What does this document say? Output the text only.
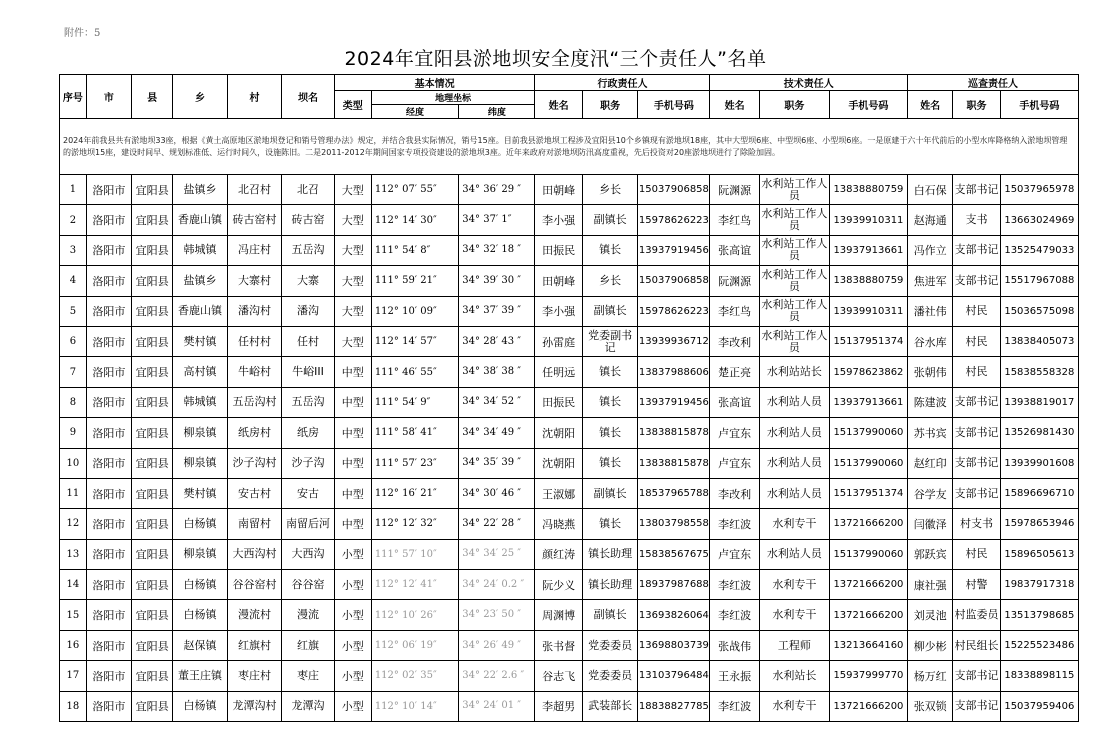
附件：5
2024年宜阳县淤地坝安全度汛“三个责任人”名单
序号	市	县	乡	村	坝名	基本情况			行政责任人			技术责任人			巡查责任人		
						类型	地理坐标		姓名	职务	手机号码	姓名	职务	手机号码	姓名	职务	手机号码
							经度	纬度									
2024年前我县共有淤地坝33座，根据《黄土高原地区淤地坝登记和销号管理办法》规定，并结合我县实际情况，销号15座。目前我县淤地坝工程涉及宜阳县10个乡镇现有淤地坝18座，其中大型坝6座、中型坝6座、小型坝6座。一是原建于六十年代前后的小型水库降格纳入淤地坝管理的淤地坝15座，建设时间早、规划标准低、运行时间久，设施陈旧。二是2011-2012年期间国家专项投资建设的淤地坝3座。近年来政府对淤地坝防汛高度重视，先后投资对20座淤地坝进行了除险加固。																	
1	洛阳市	宜阳县	盐镇乡	北召村	北召	大型	112° 07′ 55″	34° 36′ 29 ″	田朝峰	乡长	15037906858	阮渊源	水利站工作人员	13838880759	白石保	支部书记	15037965978
2	洛阳市	宜阳县	香鹿山镇	砖古窑村	砖古窑	大型	112° 14′ 30″	34° 37′ 1″	李小强	副镇长	15978626223	李红鸟	水利站工作人员	13939910311	赵海通	支书	13663024969
3	洛阳市	宜阳县	韩城镇	冯庄村	五岳沟	大型	111° 54′ 8″	34° 32′ 18 ″	田振民	镇长	13937919456	张高谊	水利站工作人员	13937913661	冯作立	支部书记	13525479033
4	洛阳市	宜阳县	盐镇乡	大寨村	大寨	大型	111° 59′ 21″	34° 39′ 30 ″	田朝峰	乡长	15037906858	阮渊源	水利站工作人员	13838880759	焦进军	支部书记	15517967088
5	洛阳市	宜阳县	香鹿山镇	潘沟村	潘沟	大型	112° 10′ 09″	34° 37′ 39 ″	李小强	副镇长	15978626223	李红鸟	水利站工作人员	13939910311	潘社伟	村民	15036575098
6	洛阳市	宜阳县	樊村镇	任村村	任村	大型	112° 14′ 57″	34° 28′ 43 ″	孙雷庭	党委副书记	13939936712	李改利	水利站工作人员	15137951374	谷水库	村民	13838405073
7	洛阳市	宜阳县	高村镇	牛峪村	牛峪III	中型	111° 46′ 55″	34° 38′ 38 ″	任明远	镇长	13837988606	楚正亮	水利站站长	15978623862	张朝伟	村民	15838558328
8	洛阳市	宜阳县	韩城镇	五岳沟村	五岳沟	中型	111° 54′ 9″	34° 34′ 52 ″	田振民	镇长	13937919456	张高谊	水利站人员	13937913661	陈建波	支部书记	13938819017
9	洛阳市	宜阳县	柳泉镇	纸房村	纸房	中型	111° 58′ 41″	34° 34′ 49 ″	沈朝阳	镇长	13838815878	卢宜东	水利站人员	15137990060	苏书宾	支部书记	13526981430
10	洛阳市	宜阳县	柳泉镇	沙子沟村	沙子沟	中型	111° 57′ 23″	34° 35′ 39 ″	沈朝阳	镇长	13838815878	卢宜东	水利站人员	15137990060	赵红印	支部书记	13939901608
11	洛阳市	宜阳县	樊村镇	安古村	安古	中型	112° 16′ 21″	34° 30′ 46 ″	王淑娜	副镇长	18537965788	李改利	水利站人员	15137951374	谷学友	支部书记	15896696710
12	洛阳市	宜阳县	白杨镇	南留村	南留后河	中型	112° 12′ 32″	34° 22′ 28 ″	冯晓燕	镇长	13803798558	李红波	水利专干	13721666200	闫徽泽	村支书	15978653946
13	洛阳市	宜阳县	柳泉镇	大西沟村	大西沟	小型	111° 57′ 10″	34° 34′ 25 ″	颜红涛	镇长助理	15838567675	卢宜东	水利站人员	15137990060	郭跃宾	村民	15896505613
14	洛阳市	宜阳县	白杨镇	谷谷窑村	谷谷窑	小型	112° 12′ 41″	34° 24′ 0.2 ″	阮少义	镇长助理	18937987688	李红波	水利专干	13721666200	康社强	村警	19837917318
15	洛阳市	宜阳县	白杨镇	漫流村	漫流	小型	112° 10′ 26″	34° 23′ 50 ″	周渊博	副镇长	13693826064	李红波	水利专干	13721666200	刘灵池	村监委员	13513798685
16	洛阳市	宜阳县	赵保镇	红旗村	红旗	小型	112° 06′ 19″	34° 26′ 49 ″	张书督	党委委员	13698803739	张战伟	工程师	13213664160	柳少彬	村民组长	15225523486
17	洛阳市	宜阳县	董王庄镇	枣庄村	枣庄	小型	112° 02′ 35″	34° 22′ 2.6 ″	谷志飞	党委委员	13103796484	王永振	水利站长	15937999770	杨万红	支部书记	18338898115
18	洛阳市	宜阳县	白杨镇	龙潭沟村	龙潭沟	小型	112° 10′ 14″	34° 24′ 01 ″	李超男	武装部长	18838827785	李红波	水利专干	13721666200	张双锁	支部书记	15037959406
